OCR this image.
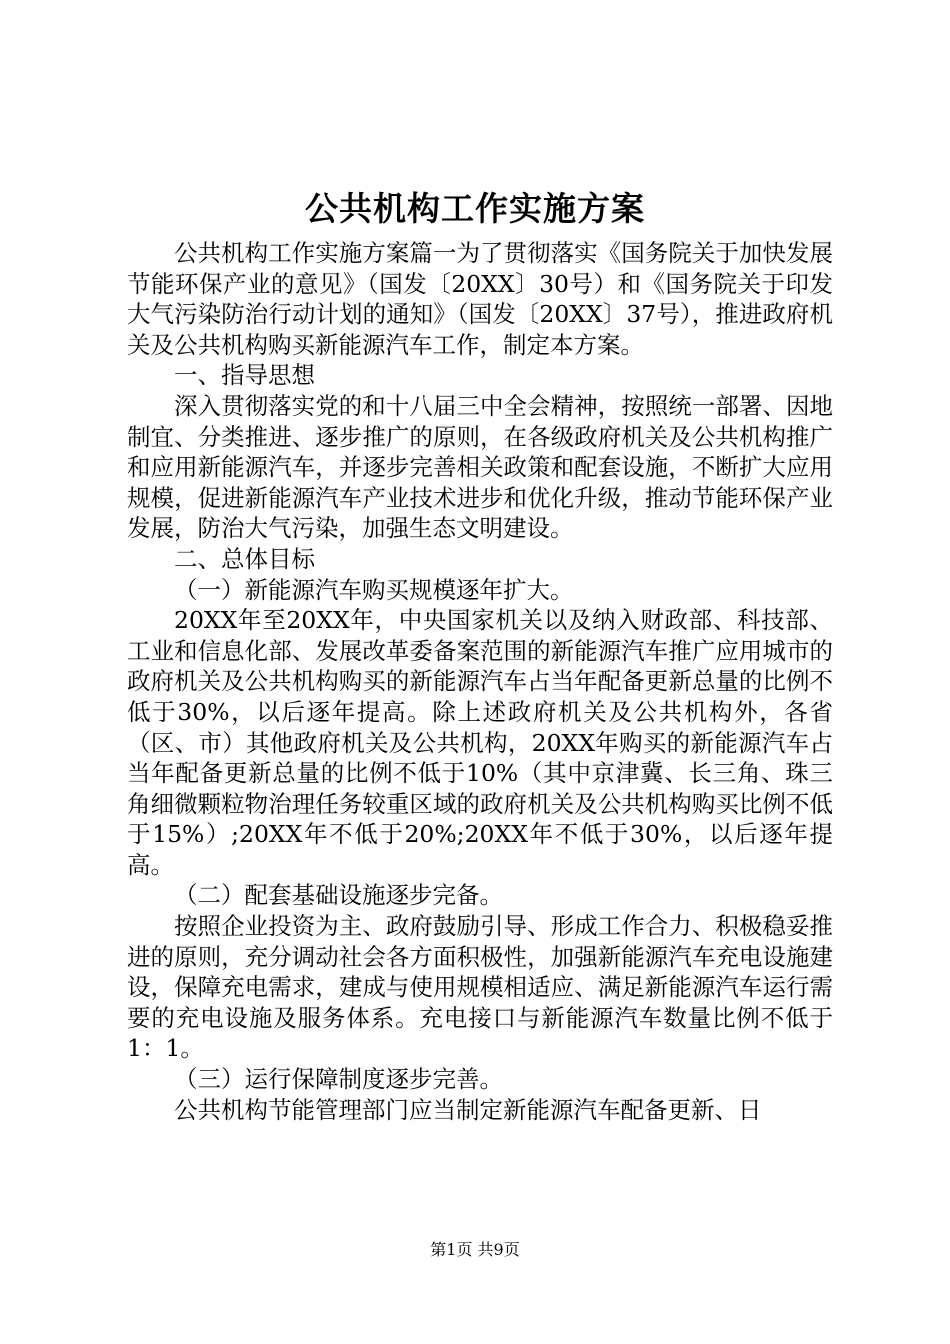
公共机构工作实施方案

公共机构工作实施方案篇一为了贯彻落实《国务院关于加快发展节能环保产业的意见》（国发〔20XX〕30号）和《国务院关于印发大气污染防治行动计划的通知》（国发〔20XX〕37号），推进政府机关及公共机构购买新能源汽车工作，制定本方案。

一、指导思想

深入贯彻落实党的和十八届三中全会精神，按照统一部署、因地制宜、分类推进、逐步推广的原则，在各级政府机关及公共机构推广和应用新能源汽车，并逐步完善相关政策和配套设施，不断扩大应用规模，促进新能源汽车产业技术进步和优化升级，推动节能环保产业发展，防治大气污染，加强生态文明建设。

二、总体目标

（一）新能源汽车购买规模逐年扩大。

20XX年至20XX年，中央国家机关以及纳入财政部、科技部、工业和信息化部、发展改革委备案范围的新能源汽车推广应用城市的政府机关及公共机构购买的新能源汽车占当年配备更新总量的比例不低于30%，以后逐年提高。除上述政府机关及公共机构外，各省（区、市）其他政府机关及公共机构，20XX年购买的新能源汽车占当年配备更新总量的比例不低于10%（其中京津冀、长三角、珠三角细微颗粒物治理任务较重区域的政府机关及公共机构购买比例不低于15%）;20XX年不低于20%;20XX年不低于30%，以后逐年提高。

（二）配套基础设施逐步完备。

按照企业投资为主、政府鼓励引导、形成工作合力、积极稳妥推进的原则，充分调动社会各方面积极性，加强新能源汽车充电设施建设，保障充电需求，建成与使用规模相适应、满足新能源汽车运行需要的充电设施及服务体系。充电接口与新能源汽车数量比例不低于1：1。

（三）运行保障制度逐步完善。

公共机构节能管理部门应当制定新能源汽车配备更新、日

第1页 共9页
